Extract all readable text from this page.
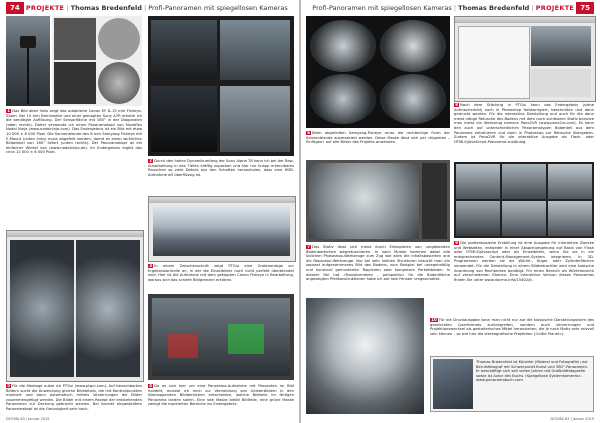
74 PROJEKTE | Thomas Bredenfeld | Profi-Panoramen mit spiegellosen Kameras	Profi-Panoramen mit spiegellosen Kameras | Thomas Bredenfeld | PROJEKTE 75
1 Das Bild oben links zeigt das adaptierte Canon EF 8–15 mm Fisheye-Zoom. Bei 15 mm Brennweite und einer gekippten Sony A7R erhalte ich die benötigte Auflösung. Der Sensorfläche mit 180° in der Diagonalen (oben rechts). Daher verwende ich einen Panoramakopf von Novoflex Nodal Ninja (www.nodalninja.com). Das Endergebnis ist ein Bild mit etwa 10 000 × 8 000 Pixel. Die Sonnenblende des 8 mm Samyang Fisheye mit E-Mount (unten links) muss abgefeilt werden, damit es einen wirklichen Bildwinkel von 180° liefert (unten rechts). Der Panoramakopf ist ein einfacher Winkel von (www.nodalninja.de). Im Endergebnis ergibt das circa 12 000 × 6 000 Pixel.
2 Durch den hohen Dynamikumfang der Sony Alpha 7R kann ich bei der Raw-Ausarbeitung in den Tiefen kräftig zupacken und hier nur knapp erkennbares Rauschen so viele Details aus den Schatten herausholen, dass eine HDR-Aufnahme oft überflüssig ist.
3 In einem Zwischenschritt zeigt PTGui eine Grobmontage zur Ergebniskontrolle an, in der die Einzelbilder noch nicht perfekt überblendet sind. Hier ist die Aufnahme mit dem gekippten Canon Fisheye in Bearbeitung, woraus sich das schiefe Bildgrenzen erklären.
4 Da es sich hier um eine Panorama-Aufnahme mit Passanten im Bild handelt, musste ich mich zur Vermeidung von Geisterbildern in den überlappenden Bildbereichen entscheiden, welche Bildteile im fertigen Panorama landen sollen. Eine rote Maske bleibt Bildteile, eine grüne Maske zwingt die markierten Bereiche ins Endergebnis.
5 Für die Montage nutze ich PTGui (www.ptgui.com). Auf benachbarten Bildern sucht die Anwendung gleiche Bilddetails, die mit Kontrollpunkten markiert und dann automatisch mittels Verzerrungen die Bilder zusammengefügt werden. Die Bilder mit einem Rezept der entstehenden Panoramen zur Deckung gebracht werden. Bei korrekt eingestelltem Panoramakopf ist die Genauigkeit sehr hoch.
DOCMA 63 | Januar 2015
6 Beim abgefeilten Samyang-Fisheye muss die rechteckige Form der Sonnenblende ausmaskiert werden. Diese Maske lässt sich per »Kopieren – Einfügen« auf alle Bilder des Projekts anwenden.
7 Das Stativ lässt sich meist durch Einkopieren von umgebenden Bodenbereichen wegretuschieren. In nach Muster kommen dabei alle üblichen Photoshop-Werkzeuge zum Zug wie allen die Inhaltsbasierten und die Reparatur-Werkzeuge. Nur bei sehr heiklen Strukturen braucht man ein separat aufgenommenes Bild des Bodens, zum Beispiel bei unregelmäßig und kunstvoll gemusterten Teppichen oder komplexen Parkettböden. In diesem Fall hat »Transformieren – perspektiv« für die Bodenfläche angezeigten Pfeilkonstruktionen habe ich auf rote Fenster umgeschaltet.
8 Nach dem Stitching in PTGui kann das Endergebnis (siehe Aufmacherbild) noch in Photoshop farbkorrigiert, beschnitten und dann gedruckt werden. Für die interaktive Darstellung und auch für die dann meist nötige Retusche des Bodens mit dem noch sichtbaren Stativ benutze man meist ein Werkzeug namens Pano2VR (www.pano2vr.com). Es kann den auch auf unterschiedlichen Panoramatypen Bodenteil aus dem Panorama extrahieren und dann in Photoshop zur Retusche übergeben. Zudem ist Pano2VR für die interaktive Ausgabe als Flash- oder HTML5/JavaScript-Panorama zuständig.
9 Die plattenbasierte Erstellung ist eine Ausgabe für interaktive Zwecke und Webseiten, entweder in einer Abspielumgebung auf Basis von Flash oder HTML5/Javascript oder als Einzelbilder, wenn Sie sie in ein entsprechendes Content-Management-System integrieren. In 3D-Programmen werden sie als Würfel-, Kugel- oder Zylinderflächen verwendet. Für die Darstellung in einem Bildbetrachter wird eine kubische Anordnung von Rechtecken benötigt. Für einen Bereich als Würfelansicht auf verschiedenen Ebenen. Eine interaktive Version dieses Panoramas finden Sie unter www.docma.info/15402/b.
10 Für die Druckausgabe kann man nicht nur auf die klassische Darstellungsform des gestreckten Querformats zurückgreifen, sondern auch Verzerrungen und Projektionswechsel als gestalterisches Mittel heranziehen, die je nach Motiv sehr reizvoll sein können – so wie hier die stereografische Projektion (»Little Planet«).
Thomas Bredenfeld ist Künstler (Malerei und Fotografie) und Berufsfotograf mit Schwerpunkt Kunst und 360°-Panoramen. Er beschäftigt sich seit vielen Jahren mit Großbildfotografie sowie ist Autor des Buchs »Spiegellose Systemkameras«.
www.panoramabuch.com
DOCMA 63 | Januar 2015
